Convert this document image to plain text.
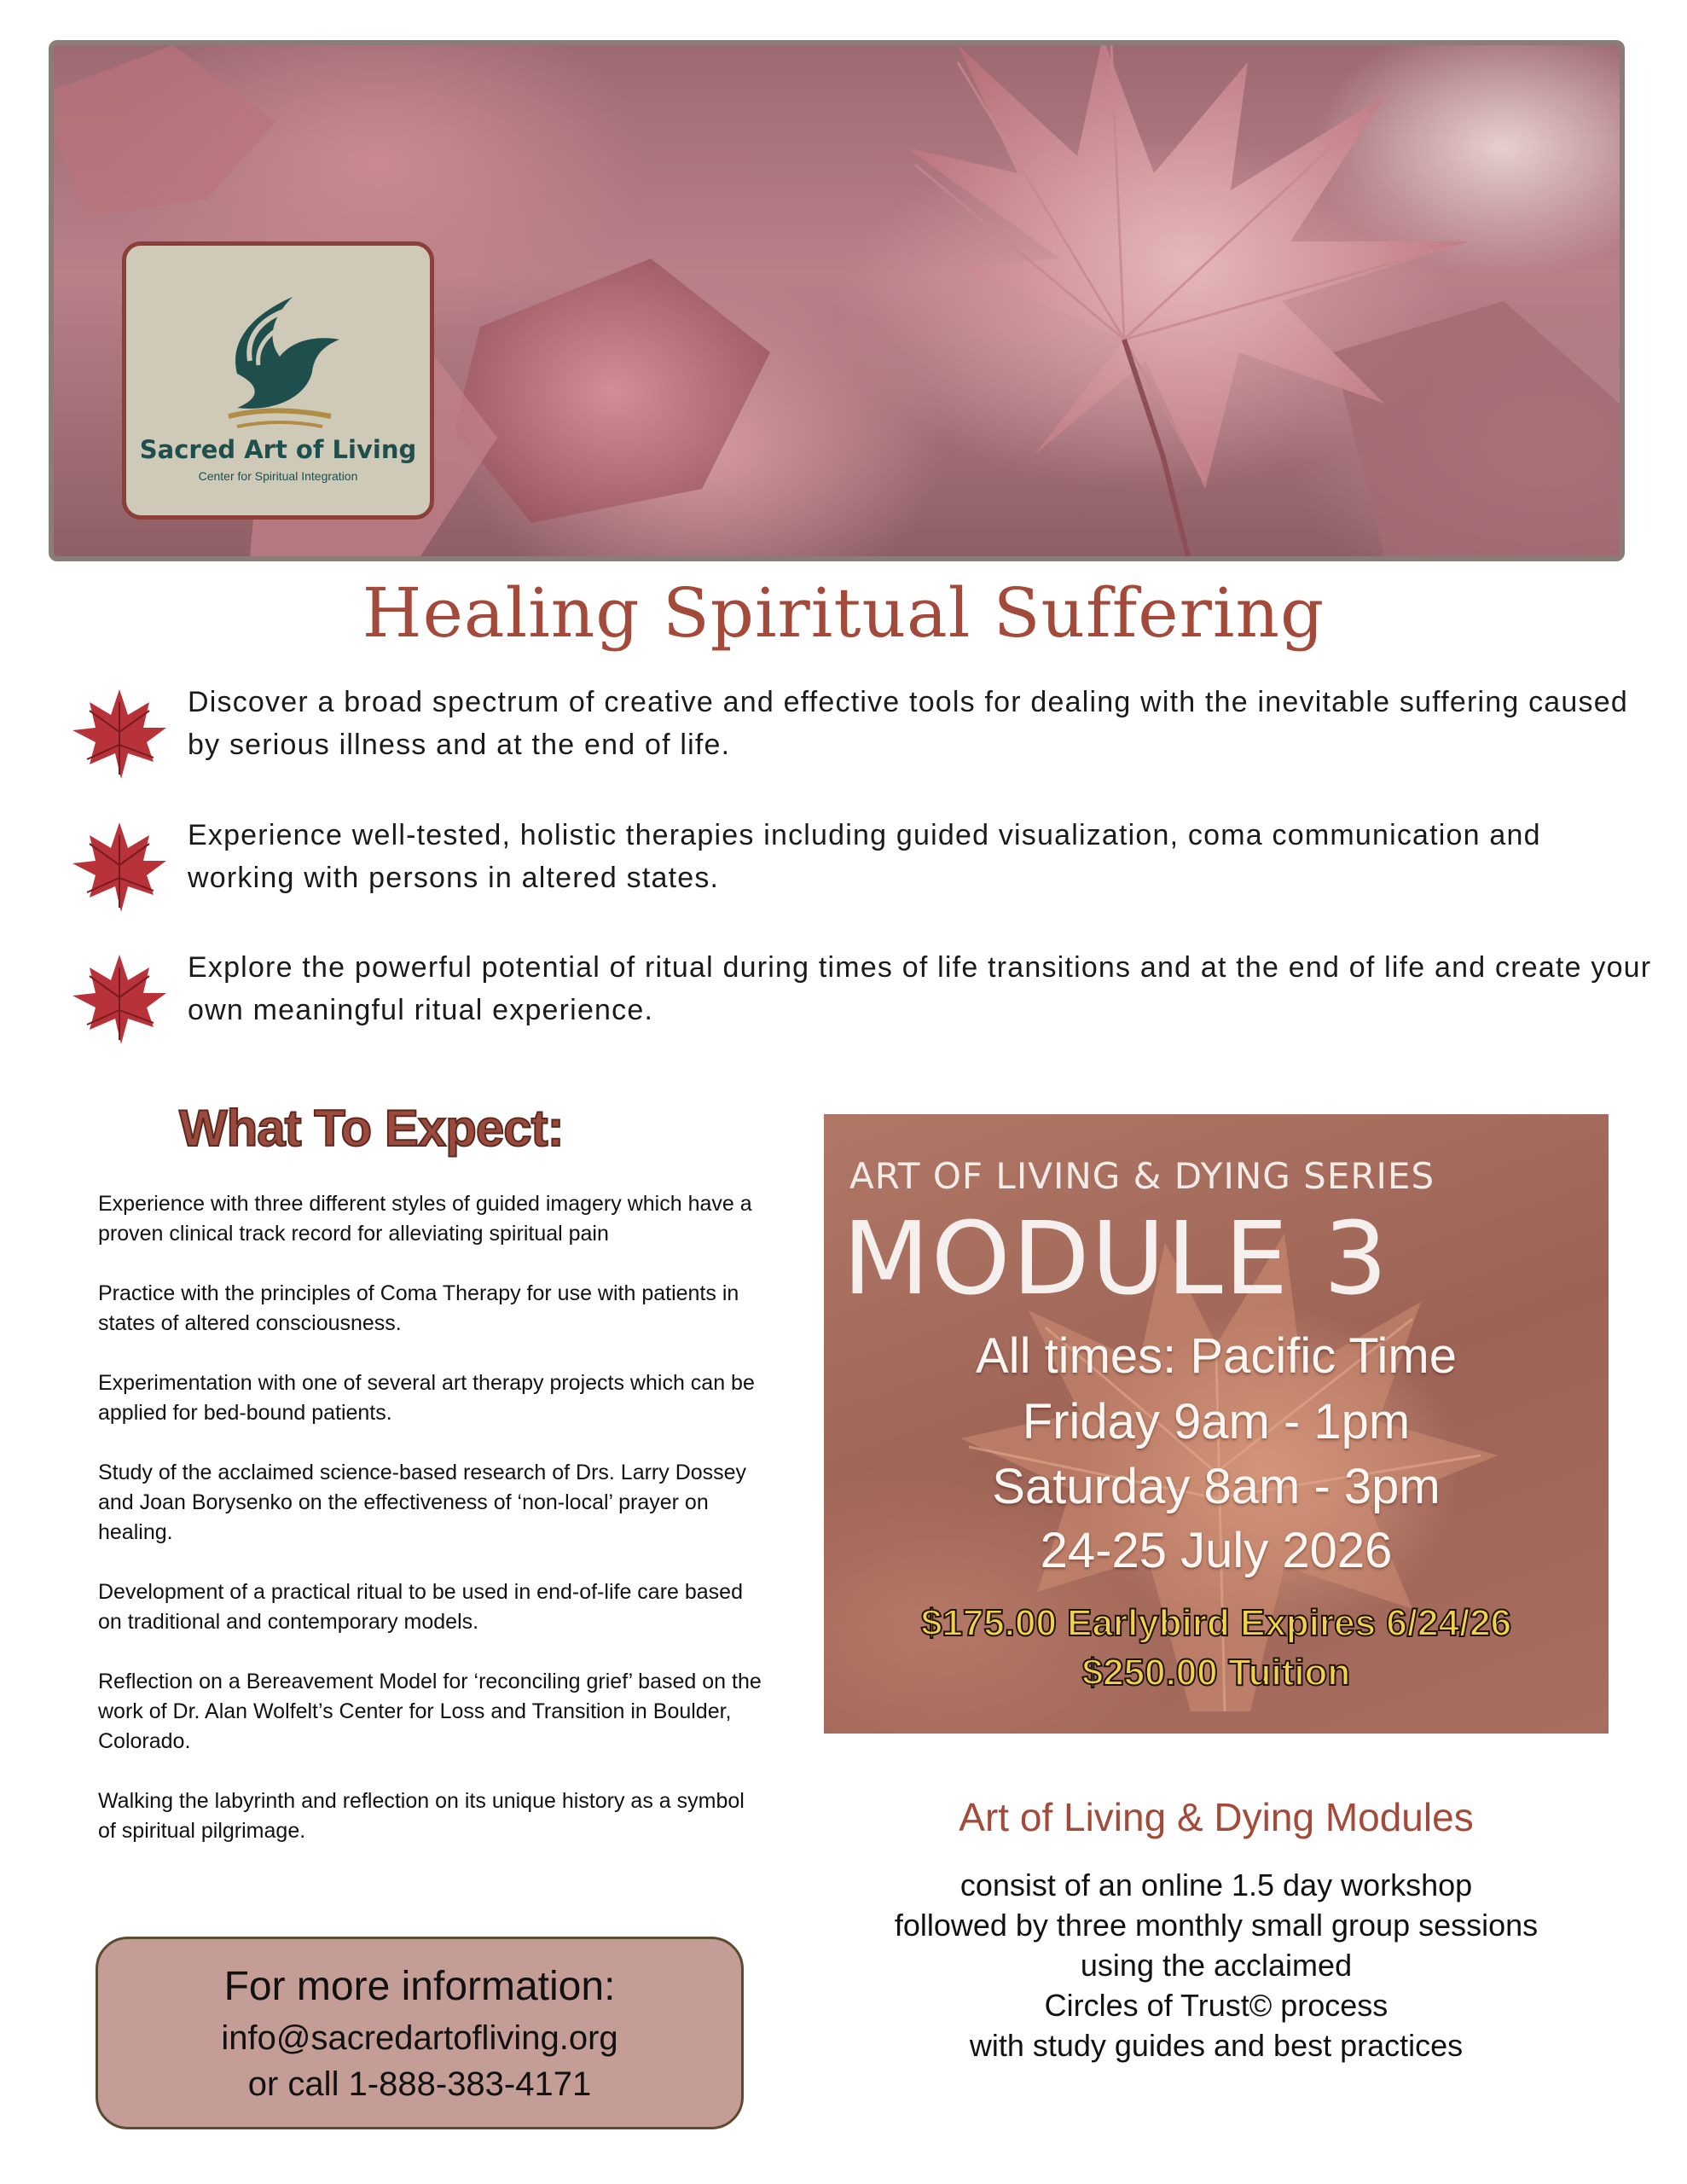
Sacred Art of Living
Center for Spiritual Integration
Healing Spiritual Suffering

Discover a broad spectrum of creative and effective tools for dealing with the inevitable suffering caused by serious illness and at the end of life.

Experience well-tested, holistic therapies including guided visualization, coma communication and working with persons in altered states.

Explore the powerful potential of ritual during times of life transitions and at the end of life and create your own meaningful ritual experience.

What To Expect:

Experience with three different styles of guided imagery which have a proven clinical track record for alleviating spiritual pain

Practice with the principles of Coma Therapy for use with patients in states of altered consciousness.

Experimentation with one of several art therapy projects which can be applied for bed-bound patients.

Study of the acclaimed science-based research of Drs. Larry Dossey and Joan Borysenko on the effectiveness of ‘non-local’ prayer on healing.

Development of a practical ritual to be used in end-of-life care based on traditional and contemporary models.

Reflection on a Bereavement Model for ‘reconciling grief’ based on the work of Dr. Alan Wolfelt’s Center for Loss and Transition in Boulder, Colorado.

Walking the labyrinth and reflection on its unique history as a symbol of spiritual pilgrimage.

ART OF LIVING & DYING SERIES
MODULE 3
All times: Pacific Time
Friday 9am - 1pm
Saturday 8am - 3pm
24-25 July 2026
$175.00 Earlybird Expires 6/24/26
$250.00 Tuition
Art of Living & Dying Modules
consist of an online 1.5 day workshop
followed by three monthly small group sessions
using the acclaimed
Circles of Trust© process
with study guides and best practices
For more information:
info@sacredartofliving.org
or call 1-888-383-4171
